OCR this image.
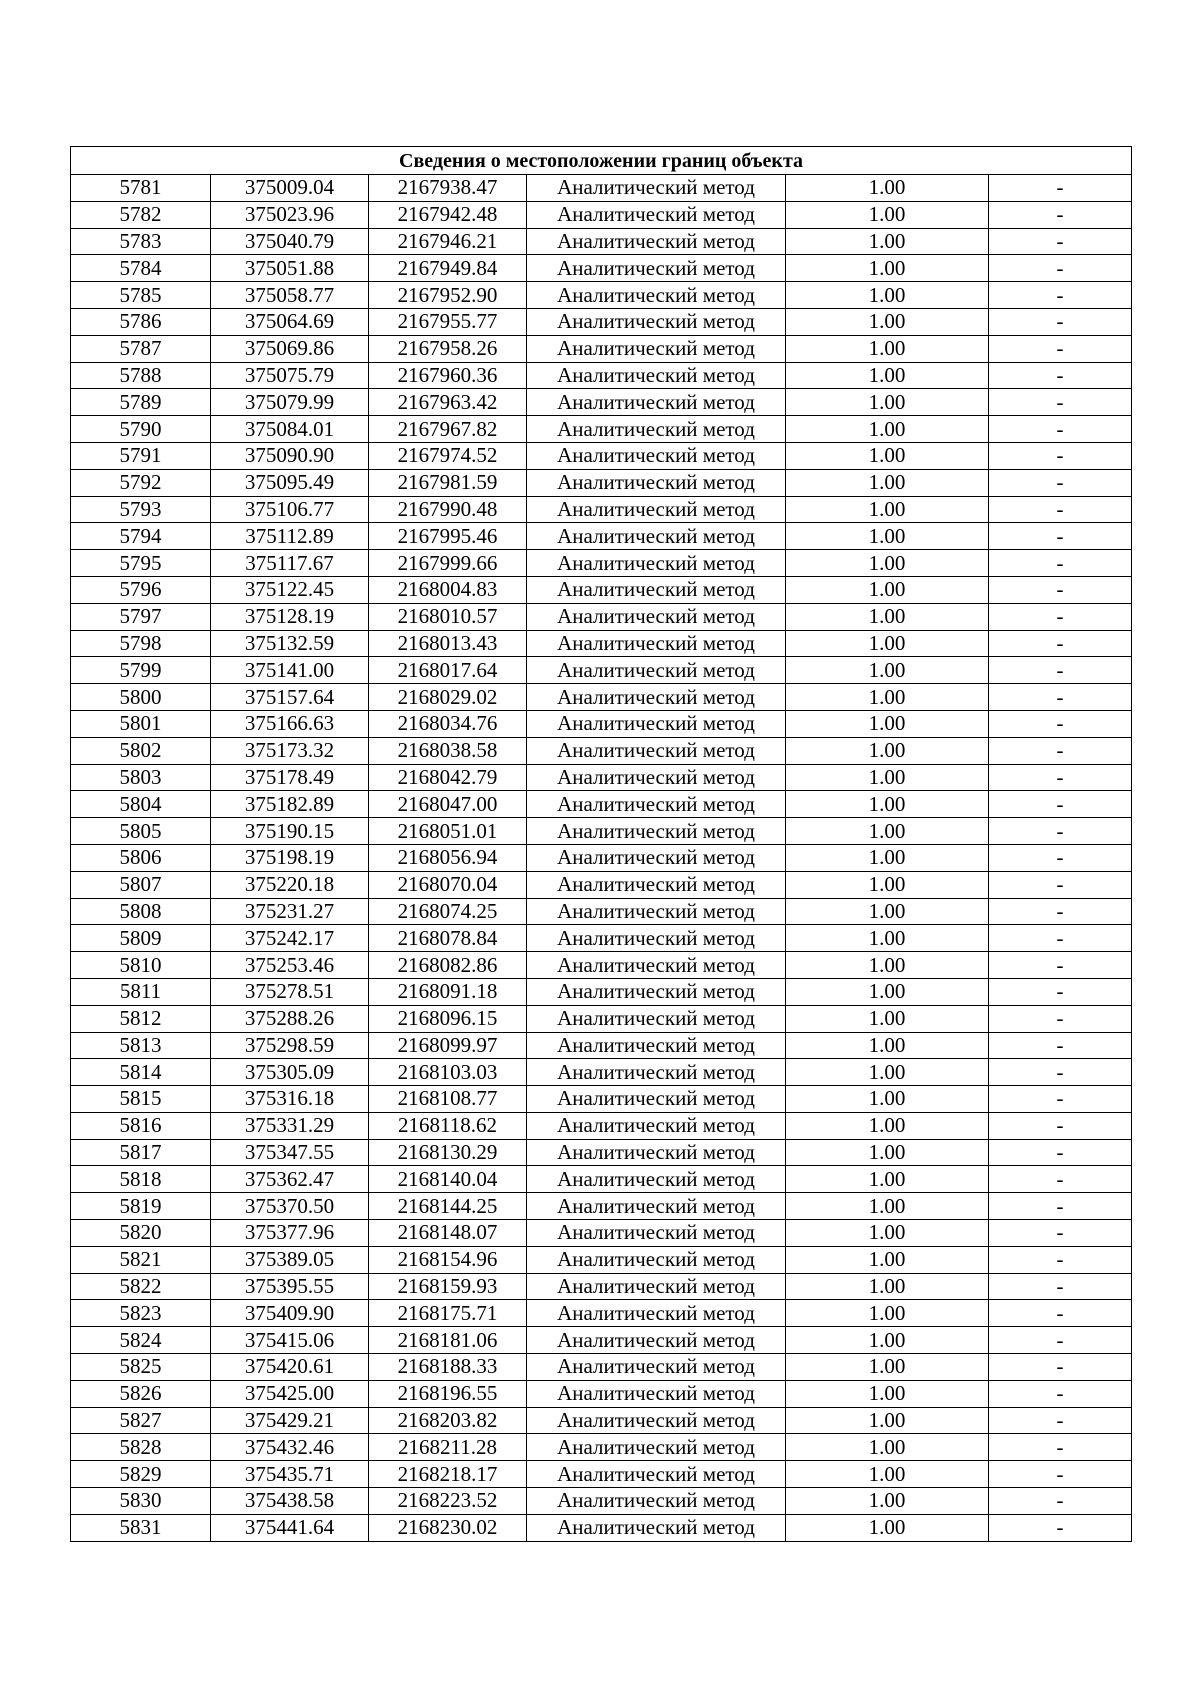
Сведения о местоположении границ объекта					
5781	375009.04	2167938.47	Аналитический метод	1.00	-
5782	375023.96	2167942.48	Аналитический метод	1.00	-
5783	375040.79	2167946.21	Аналитический метод	1.00	-
5784	375051.88	2167949.84	Аналитический метод	1.00	-
5785	375058.77	2167952.90	Аналитический метод	1.00	-
5786	375064.69	2167955.77	Аналитический метод	1.00	-
5787	375069.86	2167958.26	Аналитический метод	1.00	-
5788	375075.79	2167960.36	Аналитический метод	1.00	-
5789	375079.99	2167963.42	Аналитический метод	1.00	-
5790	375084.01	2167967.82	Аналитический метод	1.00	-
5791	375090.90	2167974.52	Аналитический метод	1.00	-
5792	375095.49	2167981.59	Аналитический метод	1.00	-
5793	375106.77	2167990.48	Аналитический метод	1.00	-
5794	375112.89	2167995.46	Аналитический метод	1.00	-
5795	375117.67	2167999.66	Аналитический метод	1.00	-
5796	375122.45	2168004.83	Аналитический метод	1.00	-
5797	375128.19	2168010.57	Аналитический метод	1.00	-
5798	375132.59	2168013.43	Аналитический метод	1.00	-
5799	375141.00	2168017.64	Аналитический метод	1.00	-
5800	375157.64	2168029.02	Аналитический метод	1.00	-
5801	375166.63	2168034.76	Аналитический метод	1.00	-
5802	375173.32	2168038.58	Аналитический метод	1.00	-
5803	375178.49	2168042.79	Аналитический метод	1.00	-
5804	375182.89	2168047.00	Аналитический метод	1.00	-
5805	375190.15	2168051.01	Аналитический метод	1.00	-
5806	375198.19	2168056.94	Аналитический метод	1.00	-
5807	375220.18	2168070.04	Аналитический метод	1.00	-
5808	375231.27	2168074.25	Аналитический метод	1.00	-
5809	375242.17	2168078.84	Аналитический метод	1.00	-
5810	375253.46	2168082.86	Аналитический метод	1.00	-
5811	375278.51	2168091.18	Аналитический метод	1.00	-
5812	375288.26	2168096.15	Аналитический метод	1.00	-
5813	375298.59	2168099.97	Аналитический метод	1.00	-
5814	375305.09	2168103.03	Аналитический метод	1.00	-
5815	375316.18	2168108.77	Аналитический метод	1.00	-
5816	375331.29	2168118.62	Аналитический метод	1.00	-
5817	375347.55	2168130.29	Аналитический метод	1.00	-
5818	375362.47	2168140.04	Аналитический метод	1.00	-
5819	375370.50	2168144.25	Аналитический метод	1.00	-
5820	375377.96	2168148.07	Аналитический метод	1.00	-
5821	375389.05	2168154.96	Аналитический метод	1.00	-
5822	375395.55	2168159.93	Аналитический метод	1.00	-
5823	375409.90	2168175.71	Аналитический метод	1.00	-
5824	375415.06	2168181.06	Аналитический метод	1.00	-
5825	375420.61	2168188.33	Аналитический метод	1.00	-
5826	375425.00	2168196.55	Аналитический метод	1.00	-
5827	375429.21	2168203.82	Аналитический метод	1.00	-
5828	375432.46	2168211.28	Аналитический метод	1.00	-
5829	375435.71	2168218.17	Аналитический метод	1.00	-
5830	375438.58	2168223.52	Аналитический метод	1.00	-
5831	375441.64	2168230.02	Аналитический метод	1.00	-
